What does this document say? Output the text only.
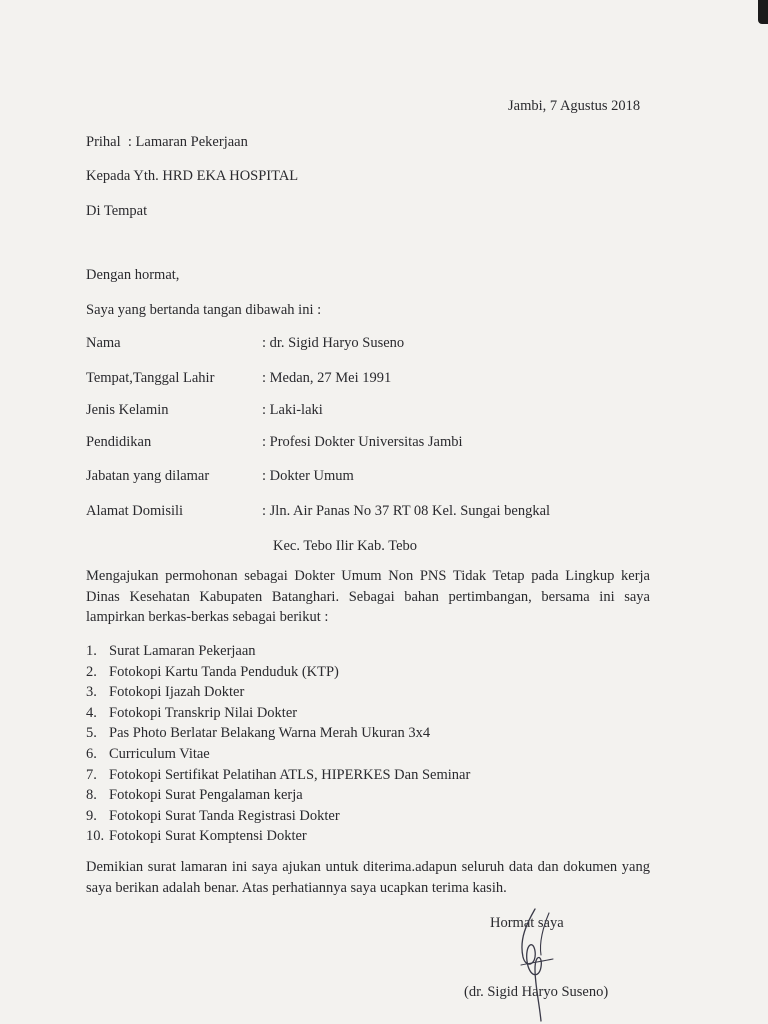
Jambi, 7 Agustus 2018
Prihal  : Lamaran Pekerjaan
Kepada Yth. HRD EKA HOSPITAL
Di Tempat
Dengan hormat,
Saya yang bertanda tangan dibawah ini :
Nama	: dr. Sigid Haryo Suseno
Tempat,Tanggal Lahir	: Medan, 27 Mei 1991
Jenis Kelamin	: Laki-laki
Pendidikan	: Profesi Dokter Universitas Jambi
Jabatan yang dilamar	: Dokter Umum
Alamat Domisili	: Jln. Air Panas No 37 RT 08 Kel. Sungai bengkal
Kec. Tebo Ilir Kab. Tebo
Mengajukan permohonan sebagai Dokter Umum Non PNS Tidak Tetap pada Lingkup kerja Dinas Kesehatan Kabupaten Batanghari. Sebagai bahan pertimbangan, bersama ini saya lampirkan berkas-berkas sebagai berikut :
1. Surat Lamaran Pekerjaan
2. Fotokopi Kartu Tanda Penduduk (KTP)
3. Fotokopi Ijazah Dokter
4. Fotokopi Transkrip Nilai Dokter
5. Pas Photo Berlatar Belakang Warna Merah Ukuran 3x4
6. Curriculum Vitae
7. Fotokopi Sertifikat Pelatihan ATLS, HIPERKES Dan Seminar
8. Fotokopi Surat Pengalaman kerja
9. Fotokopi Surat Tanda Registrasi Dokter
10. Fotokopi Surat Komptensi Dokter
Demikian surat lamaran ini saya ajukan untuk diterima.adapun seluruh data dan dokumen yang saya berikan adalah benar. Atas perhatiannya saya ucapkan terima kasih.
Hormat saya
(dr. Sigid Haryo Suseno)
